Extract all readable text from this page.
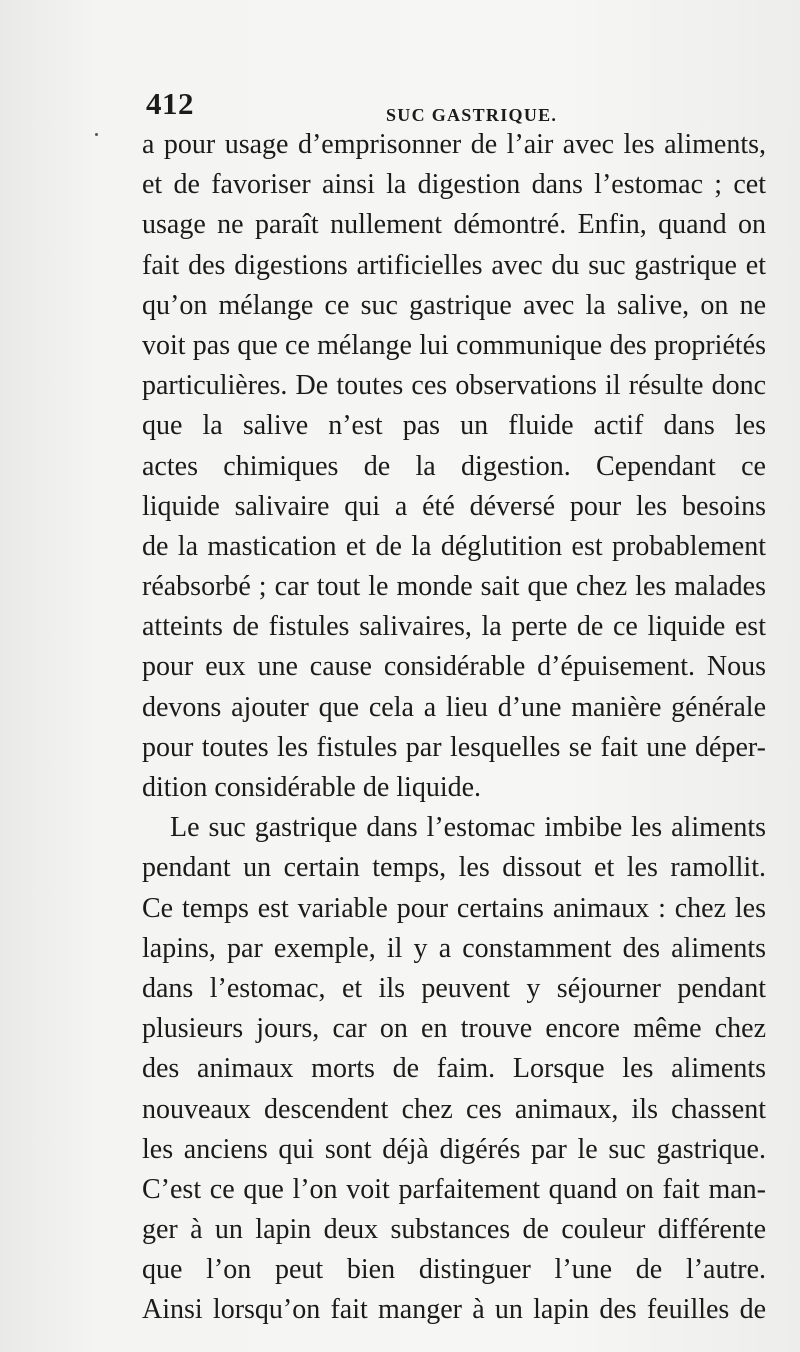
412	SUC GASTRIQUE.
a pour usage d’emprisonner de l’air avec les aliments,
et de favoriser ainsi la digestion dans l’estomac ; cet
usage ne paraît nullement démontré. Enfin, quand on
fait des digestions artificielles avec du suc gastrique et
qu’on mélange ce suc gastrique avec la salive, on ne
voit pas que ce mélange lui communique des propriétés
particulières. De toutes ces observations il résulte donc
que la salive n’est pas un fluide actif dans les
actes chimiques de la digestion. Cependant ce
liquide salivaire qui a été déversé pour les besoins
de la mastication et de la déglutition est probablement
réabsorbé ; car tout le monde sait que chez les malades
atteints de fistules salivaires, la perte de ce liquide est
pour eux une cause considérable d’épuisement. Nous
devons ajouter que cela a lieu d’une manière générale
pour toutes les fistules par lesquelles se fait une déper-
dition considérable de liquide.
Le suc gastrique dans l’estomac imbibe les aliments
pendant un certain temps, les dissout et les ramollit.
Ce temps est variable pour certains animaux : chez les
lapins, par exemple, il y a constamment des aliments
dans l’estomac, et ils peuvent y séjourner pendant
plusieurs jours, car on en trouve encore même chez
des animaux morts de faim. Lorsque les aliments
nouveaux descendent chez ces animaux, ils chassent
les anciens qui sont déjà digérés par le suc gastrique.
C’est ce que l’on voit parfaitement quand on fait man-
ger à un lapin deux substances de couleur différente
que l’on peut bien distinguer l’une de l’autre.
Ainsi lorsqu’on fait manger à un lapin des feuilles de
